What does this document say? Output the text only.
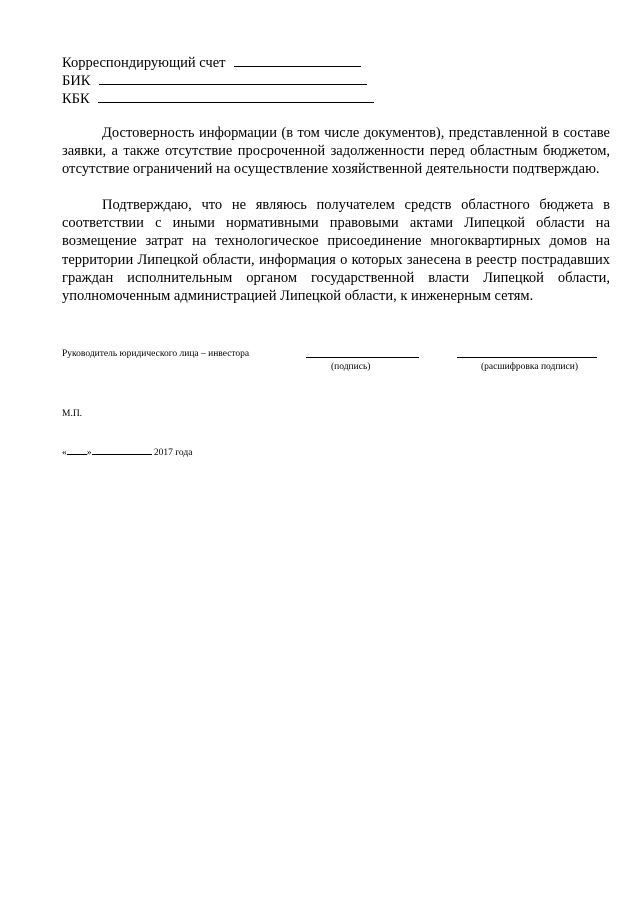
Корреспондирующий счет
БИК
КБК
Достоверность информации (в том числе документов), представленной в составе заявки, а также отсутствие просроченной задолженности перед областным бюджетом, отсутствие ограничений на осуществление хозяйственной деятельности подтверждаю.
Подтверждаю, что не являюсь получателем средств областного бюджета в соответствии с иными нормативными правовыми актами Липецкой области на возмещение затрат на технологическое присоединение многоквартирных домов на территории Липецкой области, информация о которых занесена в реестр пострадавших граждан исполнительным органом государственной власти Липецкой области, уполномоченным администрацией Липецкой области, к инженерным сетям.
Руководитель юридического лица – инвестора
(подпись)	(расшифровка подписи)
М.П.
« »	2017 года
